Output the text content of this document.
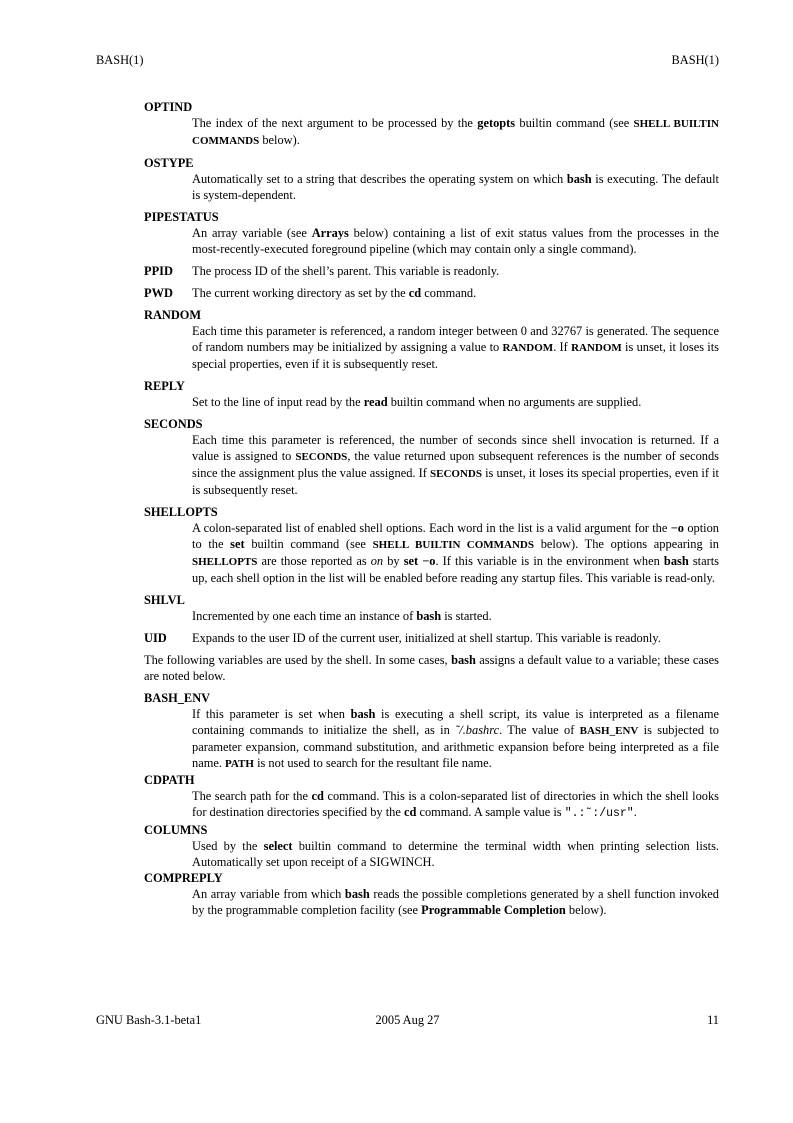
BASH(1)	BASH(1)
OPTIND
The index of the next argument to be processed by the getopts builtin command (see SHELL BUILTIN COMMANDS below).
OSTYPE
Automatically set to a string that describes the operating system on which bash is executing. The default is system-dependent.
PIPESTATUS
An array variable (see Arrays below) containing a list of exit status values from the processes in the most-recently-executed foreground pipeline (which may contain only a single command).
PPID The process ID of the shell’s parent. This variable is readonly.
PWD The current working directory as set by the cd command.
RANDOM
Each time this parameter is referenced, a random integer between 0 and 32767 is generated. The sequence of random numbers may be initialized by assigning a value to RANDOM. If RANDOM is unset, it loses its special properties, even if it is subsequently reset.
REPLY
Set to the line of input read by the read builtin command when no arguments are supplied.
SECONDS
Each time this parameter is referenced, the number of seconds since shell invocation is returned. If a value is assigned to SECONDS, the value returned upon subsequent references is the number of seconds since the assignment plus the value assigned. If SECONDS is unset, it loses its special properties, even if it is subsequently reset.
SHELLOPTS
A colon-separated list of enabled shell options. Each word in the list is a valid argument for the −o option to the set builtin command (see SHELL BUILTIN COMMANDS below). The options appearing in SHELLOPTS are those reported as on by set −o. If this variable is in the environment when bash starts up, each shell option in the list will be enabled before reading any startup files. This variable is read-only.
SHLVL
Incremented by one each time an instance of bash is started.
UID Expands to the user ID of the current user, initialized at shell startup. This variable is readonly.
The following variables are used by the shell. In some cases, bash assigns a default value to a variable; these cases are noted below.
BASH_ENV
If this parameter is set when bash is executing a shell script, its value is interpreted as a filename containing commands to initialize the shell, as in ˜/.bashrc. The value of BASH_ENV is subjected to parameter expansion, command substitution, and arithmetic expansion before being interpreted as a file name. PATH is not used to search for the resultant file name.
CDPATH
The search path for the cd command. This is a colon-separated list of directories in which the shell looks for destination directories specified by the cd command. A sample value is ".:˜:/usr".
COLUMNS
Used by the select builtin command to determine the terminal width when printing selection lists. Automatically set upon receipt of a SIGWINCH.
COMPREPLY
An array variable from which bash reads the possible completions generated by a shell function invoked by the programmable completion facility (see Programmable Completion below).
GNU Bash-3.1-beta1	2005 Aug 27	11
